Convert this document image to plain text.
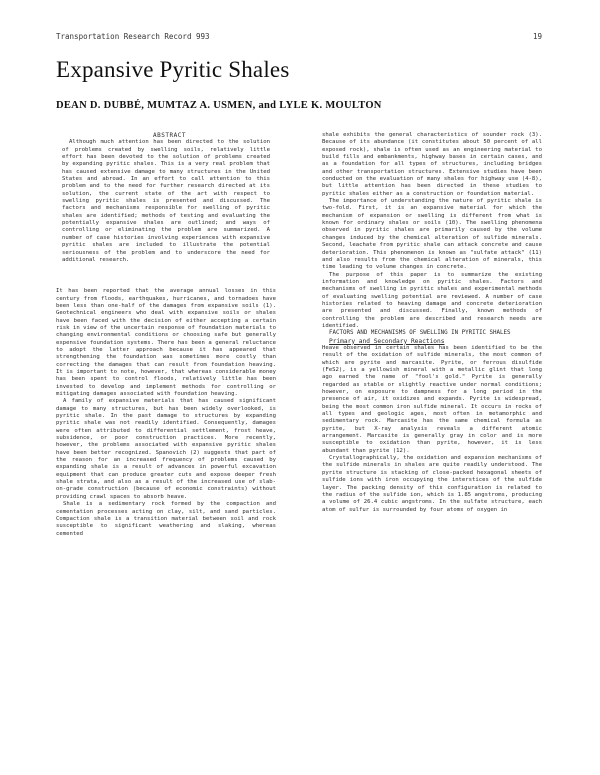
Transportation Research Record 993	19
Expansive Pyritic Shales

DEAN D. DUBBÉ, MUMTAZ A. USMEN, and LYLE K. MOULTON

ABSTRACT

Although much attention has been directed to the solution of problems created by swelling soils, relatively little effort has been devoted to the solution of problems created by expanding pyritic shales. This is a very real problem that has caused extensive damage to many structures in the United States and abroad. In an effort to call attention to this problem and to the need for further research directed at its solution, the current state of the art with respect to swelling pyritic shales is presented and discussed. The factors and mechanisms responsible for swelling of pyritic shales are identified; methods of testing and evaluating the potentially expansive shales are outlined; and ways of controlling or eliminating the problem are summarized. A number of case histories involving experiences with expansive pyritic shales are included to illustrate the potential seriousness of the problem and to underscore the need for additional research.

It has been reported that the average annual losses in this century from floods, earthquakes, hurricanes, and tornadoes have been less than one-half of the damages from expansive soils (1). Geotechnical engineers who deal with expansive soils or shales have been faced with the decision of either accepting a certain risk in view of the uncertain response of foundation materials to changing environmental conditions or choosing safe but generally expensive foundation systems. There has been a general reluctance to adopt the latter approach because it has appeared that strengthening the foundation was sometimes more costly than correcting the damages that can result from foundation heaving. It is important to note, however, that whereas considerable money has been spent to control floods, relatively little has been invested to develop and implement methods for controlling or mitigating damages associated with foundation heaving.

A family of expansive materials that has caused significant damage to many structures, but has been widely overlooked, is pyritic shale. In the past damage to structures by expanding pyritic shale was not readily identified. Consequently, damages were often attributed to differential settlement, frost heave, subsidence, or poor construction practices. More recently, however, the problems associated with expansive pyritic shales have been better recognized. Spanovich (2) suggests that part of the reason for an increased frequency of problems caused by expanding shale is a result of advances in powerful excavation equipment that can produce greater cuts and expose deeper fresh shale strata, and also as a result of the increased use of slab-on-grade construction (because of economic constraints) without providing crawl spaces to absorb heave.

Shale is a sedimentary rock formed by the compaction and cementation processes acting on clay, silt, and sand particles. Compaction shale is a transition material between soil and rock susceptible to significant weathering and slaking, whereas cemented

shale exhibits the general characteristics of sounder rock (3). Because of its abundance (it constitutes about 50 percent of all exposed rock), shale is often used as an engineering material to build fills and embankments, highway bases in certain cases, and as a foundation for all types of structures, including bridges and other transportation structures. Extensive studies have been conducted on the evaluation of many shales for highway use (4-8), but little attention has been directed in these studies to pyritic shales either as a construction or foundation material.

The importance of understanding the nature of pyritic shale is two-fold. First, it is an expansive material for which the mechanism of expansion or swelling is different from what is known for ordinary shales or soils (10). The swelling phenomena observed in pyritic shales are primarily caused by the volume changes induced by the chemical alteration of sulfide minerals. Second, leachate from pyritic shale can attack concrete and cause deterioration. This phenomenon is known as "sulfate attack" (11) and also results from the chemical alteration of minerals, this time leading to volume changes in concrete.

The purpose of this paper is to summarize the existing information and knowledge on pyritic shales. Factors and mechanisms of swelling in pyritic shales and experimental methods of evaluating swelling potential are reviewed. A number of case histories related to heaving damage and concrete deterioration are presented and discussed. Finally, known methods of controlling the problem are described and research needs are identified.

FACTORS AND MECHANISMS OF SWELLING IN PYRITIC SHALES

Primary and Secondary Reactions

Heave observed in certain shales has been identified to be the result of the oxidation of sulfide minerals, the most common of which are pyrite and marcasite. Pyrite, or ferrous disulfide (FeS2), is a yellowish mineral with a metallic glint that long ago earned the name of "fool's gold." Pyrite is generally regarded as stable or slightly reactive under normal conditions; however, on exposure to dampness for a long period in the presence of air, it oxidizes and expands. Pyrite is widespread, being the most common iron sulfide mineral. It occurs in rocks of all types and geologic ages, most often in metamorphic and sedimentary rock. Marcasite has the same chemical formula as pyrite, but X-ray analysis reveals a different atomic arrangement. Marcasite is generally gray in color and is more susceptible to oxidation than pyrite, however, it is less abundant than pyrite (12).

Crystallographically, the oxidation and expansion mechanisms of the sulfide minerals in shales are quite readily understood. The pyrite structure is stacking of close-packed hexagonal sheets of sulfide ions with iron occupying the interstices of the sulfide layer. The packing density of this configuration is related to the radius of the sulfide ion, which is 1.85 angstroms, producing a volume of 26.4 cubic angstroms. In the sulfate structure, each atom of sulfur is surrounded by four atoms of oxygen in
